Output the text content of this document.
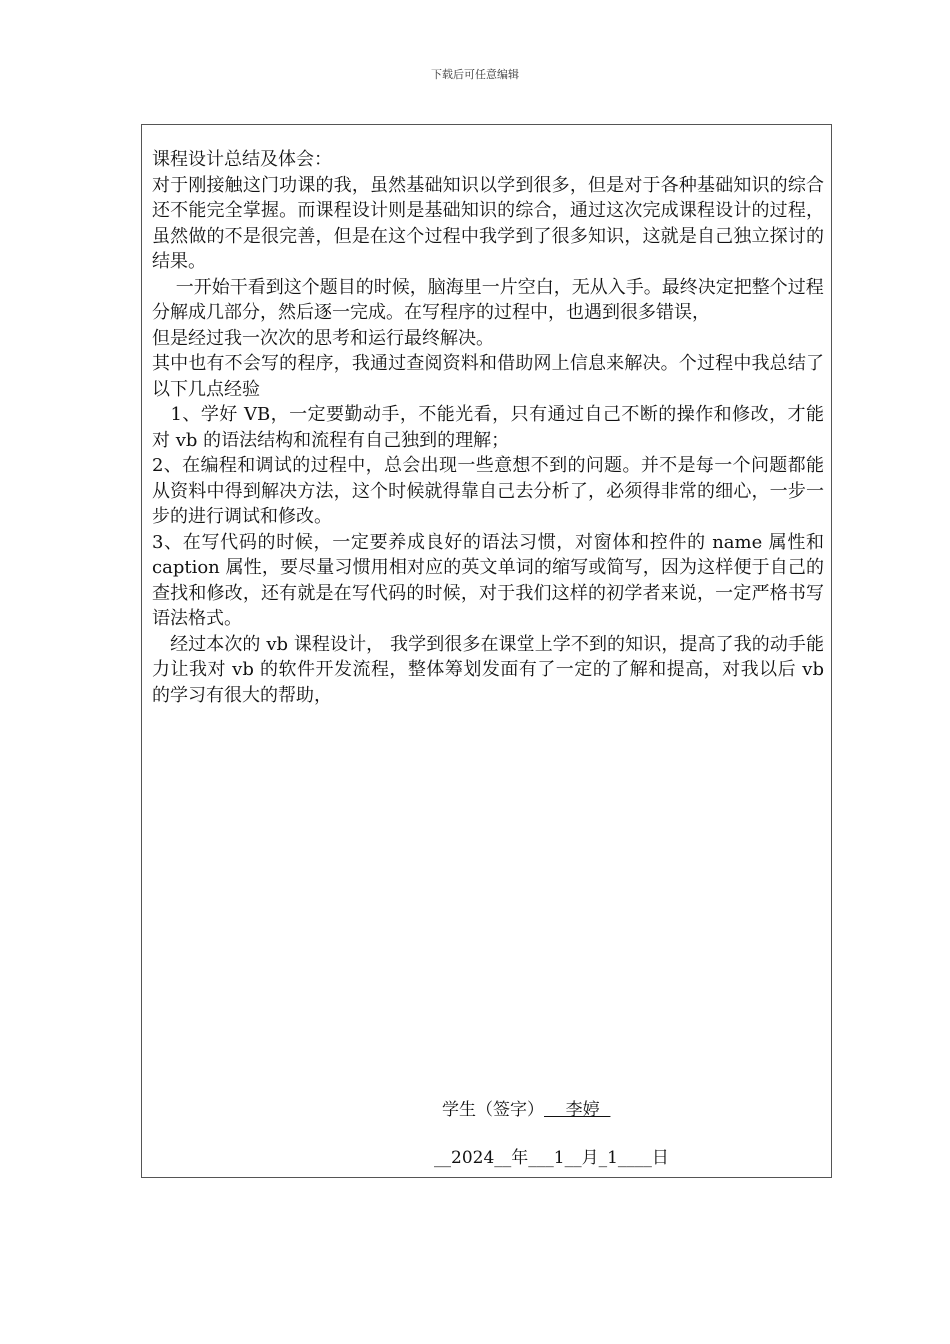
下载后可任意编辑

课程设计总结及体会：

对于刚接触这门功课的我，虽然基础知识以学到很多，但是对于各种基础知识的综合还不能完全掌握。而课程设计则是基础知识的综合，通过这次完成课程设计的过程，虽然做的不是很完善，但是在这个过程中我学到了很多知识，这就是自己独立探讨的结果。

　 一开始干看到这个题目的时候，脑海里一片空白，无从入手。最终决定把整个过程

分解成几部分，然后逐一完成。在写程序的过程中，也遇到很多错误，

但是经过我一次次的思考和运行最终解决。

其中也有不会写的程序，我通过查阅资料和借助网上信息来解决。个过程中我总结了以下几点经验

　1、学好 VB，一定要勤动手，不能光看，只有通过自己不断的操作和修改，才能对 vb 的语法结构和流程有自己独到的理解；

2、在编程和调试的过程中，总会出现一些意想不到的问题。并不是每一个问题都能从资料中得到解决方法，这个时候就得靠自己去分析了，必须得非常的细心，一步一步的进行调试和修改。

3、在写代码的时候，一定要养成良好的语法习惯，对窗体和控件的 name 属性和 caption 属性，要尽量习惯用相对应的英文单词的缩写或简写，因为这样便于自己的查找和修改，还有就是在写代码的时候，对于我们这样的初学者来说，一定严格书写语法格式。

　经过本次的 vb 课程设计， 我学到很多在课堂上学不到的知识，提高了我的动手能力让我对 vb 的软件开发流程，整体筹划发面有了一定的了解和提高，对我以后 vb 的学习有很大的帮助，

学生（签字）    李婷
__2024__年___1__月_1____日
